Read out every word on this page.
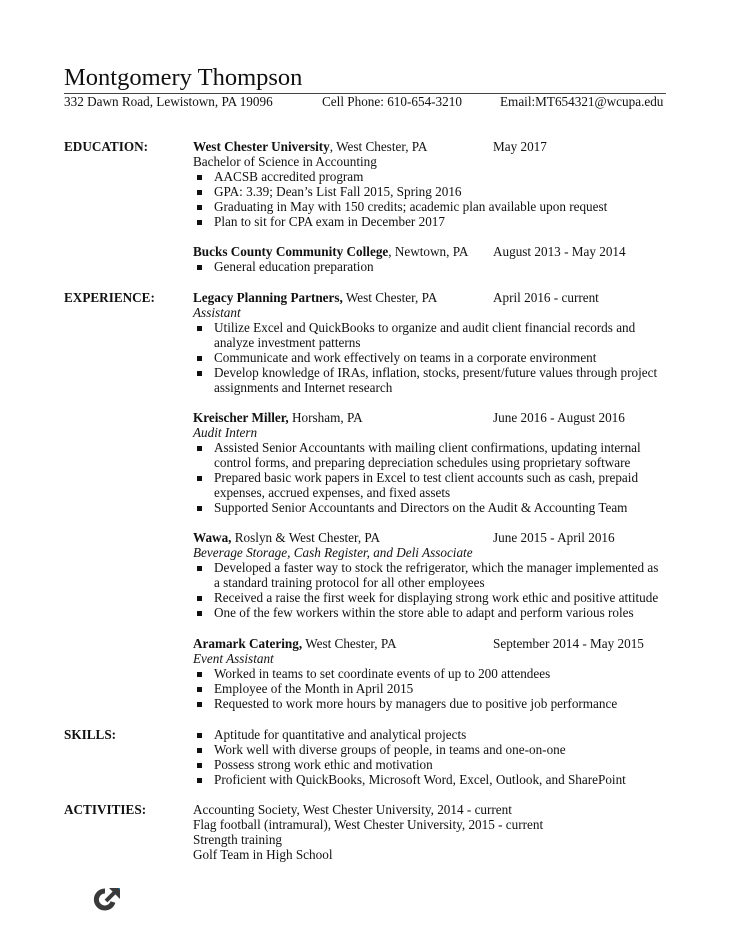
Montgomery Thompson
332 Dawn Road, Lewistown, PA 19096	Cell Phone: 610-654-3210	Email:MT654321@wcupa.edu
EDUCATION:	West Chester University, West Chester, PA	May 2017
Bachelor of Science in Accounting
AACSB accredited program
GPA: 3.39; Dean’s List Fall 2015, Spring 2016
Graduating in May with 150 credits; academic plan available upon request
Plan to sit for CPA exam in December 2017
Bucks County Community College, Newtown, PA August 2013 - May 2014
General education preparation
EXPERIENCE:	Legacy Planning Partners, West Chester, PA	April 2016 - current
Assistant
Utilize Excel and QuickBooks to organize and audit client financial records and
analyze investment patterns
Communicate and work effectively on teams in a corporate environment
Develop knowledge of IRAs, inflation, stocks, present/future values through project
assignments and Internet research
Kreischer Miller, Horsham, PA	June 2016 - August 2016
Audit Intern
Assisted Senior Accountants with mailing client confirmations, updating internal
control forms, and preparing depreciation schedules using proprietary software
Prepared basic work papers in Excel to test client accounts such as cash, prepaid
expenses, accrued expenses, and fixed assets
Supported Senior Accountants and Directors on the Audit & Accounting Team
Wawa, Roslyn & West Chester, PA	June 2015 - April 2016
Beverage Storage, Cash Register, and Deli Associate
Developed a faster way to stock the refrigerator, which the manager implemented as
a standard training protocol for all other employees
Received a raise the first week for displaying strong work ethic and positive attitude
One of the few workers within the store able to adapt and perform various roles
Aramark Catering, West Chester, PA	September 2014 - May 2015
Event Assistant
Worked in teams to set coordinate events of up to 200 attendees
Employee of the Month in April 2015
Requested to work more hours by managers due to positive job performance
SKILLS:	Aptitude for quantitative and analytical projects
Work well with diverse groups of people, in teams and one-on-one
Possess strong work ethic and motivation
Proficient with QuickBooks, Microsoft Word, Excel, Outlook, and SharePoint
ACTIVITIES:	Accounting Society, West Chester University, 2014 - current
Flag football (intramural), West Chester University, 2015 - current
Strength training
Golf Team in High School
